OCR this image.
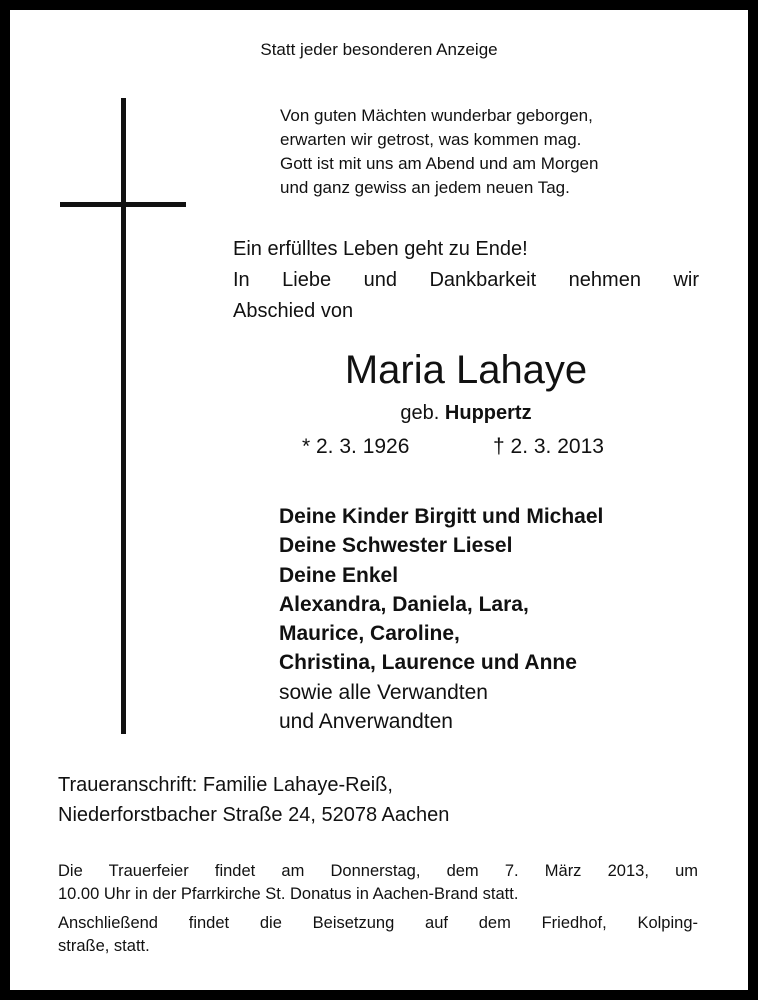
Statt jeder besonderen Anzeige
Von guten Mächten wunderbar geborgen,
erwarten wir getrost, was kommen mag.
Gott ist mit uns am Abend und am Morgen
und ganz gewiss an jedem neuen Tag.
Ein erfülltes Leben geht zu Ende!
In Liebe und Dankbarkeit nehmen wir
Abschied von
Maria Lahaye
geb. Huppertz
* 2. 3. 1926	† 2. 3. 2013
Deine Kinder Birgitt und Michael
Deine Schwester Liesel
Deine Enkel
Alexandra, Daniela, Lara,
Maurice, Caroline,
Christina, Laurence und Anne
sowie alle Verwandten
und Anverwandten
Traueranschrift: Familie Lahaye-Reiß,
Niederforstbacher Straße 24, 52078 Aachen
Die Trauerfeier findet am Donnerstag, dem 7. März 2013, um
10.00 Uhr in der Pfarrkirche St. Donatus in Aachen-Brand statt.
Anschließend findet die Beisetzung auf dem Friedhof, Kolping-
straße, statt.
